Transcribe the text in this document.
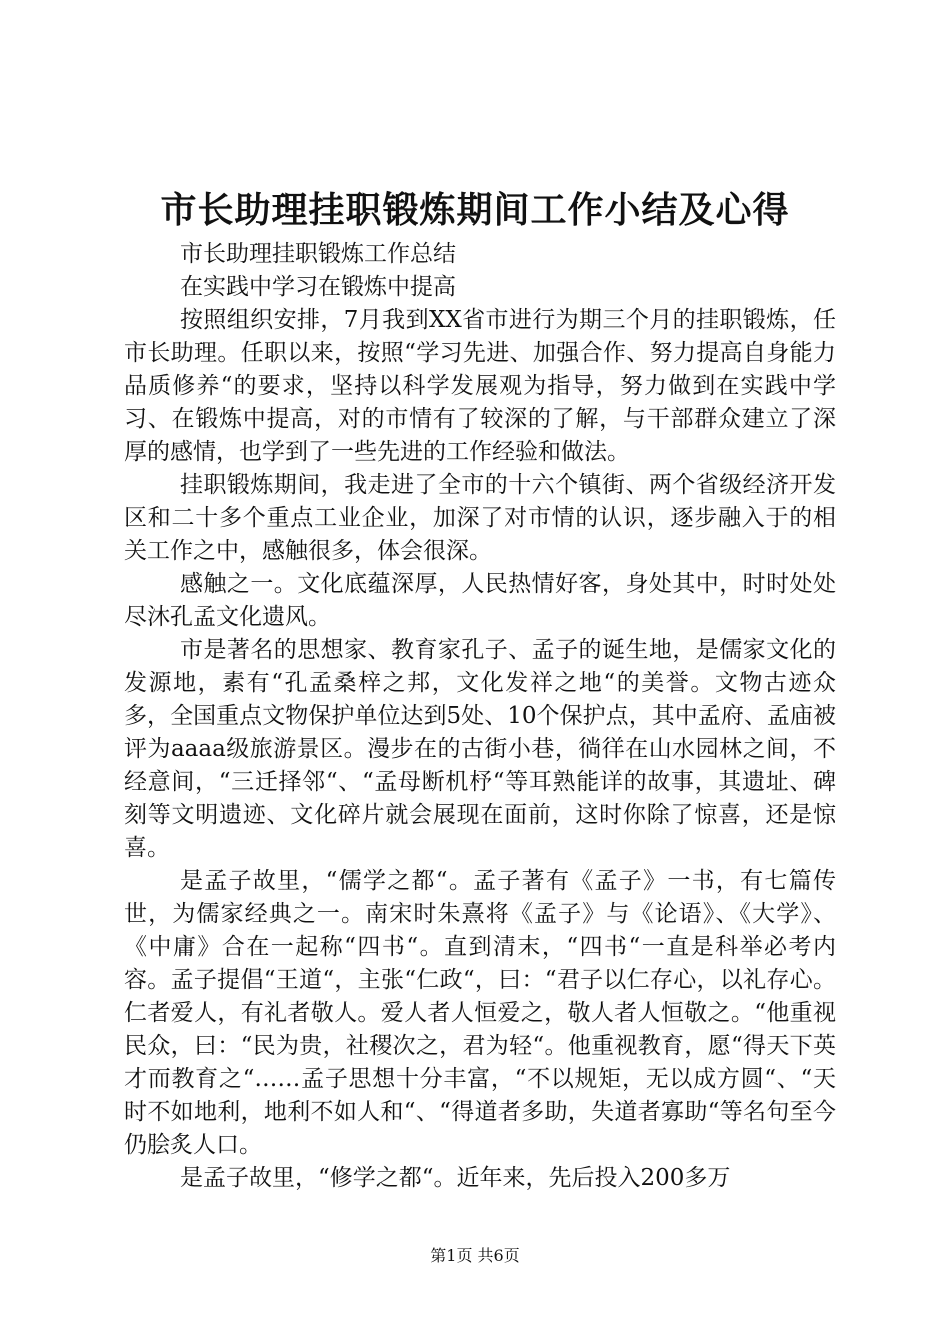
市长助理挂职锻炼期间工作小结及心得

市长助理挂职锻炼工作总结

在实践中学习在锻炼中提高

按照组织安排，7月我到XX省市进行为期三个月的挂职锻炼，任市长助理。任职以来，按照“学习先进、加强合作、努力提高自身能力品质修养“的要求，坚持以科学发展观为指导，努力做到在实践中学习、在锻炼中提高，对的市情有了较深的了解，与干部群众建立了深厚的感情，也学到了一些先进的工作经验和做法。

挂职锻炼期间，我走进了全市的十六个镇街、两个省级经济开发区和二十多个重点工业企业，加深了对市情的认识，逐步融入于的相关工作之中，感触很多，体会很深。

感触之一。文化底蕴深厚，人民热情好客，身处其中，时时处处尽沐孔孟文化遗风。

市是著名的思想家、教育家孔子、孟子的诞生地，是儒家文化的发源地，素有“孔孟桑梓之邦，文化发祥之地“的美誉。文物古迹众多，全国重点文物保护单位达到5处、10个保护点，其中孟府、孟庙被评为aaaa级旅游景区。漫步在的古街小巷，徜徉在山水园林之间，不经意间，“三迁择邻“、“孟母断机杼“等耳熟能详的故事，其遗址、碑刻等文明遗迹、文化碎片就会展现在面前，这时你除了惊喜，还是惊喜。

是孟子故里，“儒学之都“。孟子著有《孟子》一书，有七篇传世，为儒家经典之一。南宋时朱熹将《孟子》与《论语》、《大学》、《中庸》合在一起称“四书“。直到清末，“四书“一直是科举必考内容。孟子提倡“王道“，主张“仁政“，曰：“君子以仁存心，以礼存心。仁者爱人，有礼者敬人。爱人者人恒爱之，敬人者人恒敬之。“他重视民众，曰：“民为贵，社稷次之，君为轻“。他重视教育，愿“得天下英才而教育之“……孟子思想十分丰富，“不以规矩，无以成方圆“、“天时不如地利，地利不如人和“、“得道者多助，失道者寡助“等名句至今仍脍炙人口。

是孟子故里，“修学之都“。近年来，先后投入200多万

第1页 共6页
